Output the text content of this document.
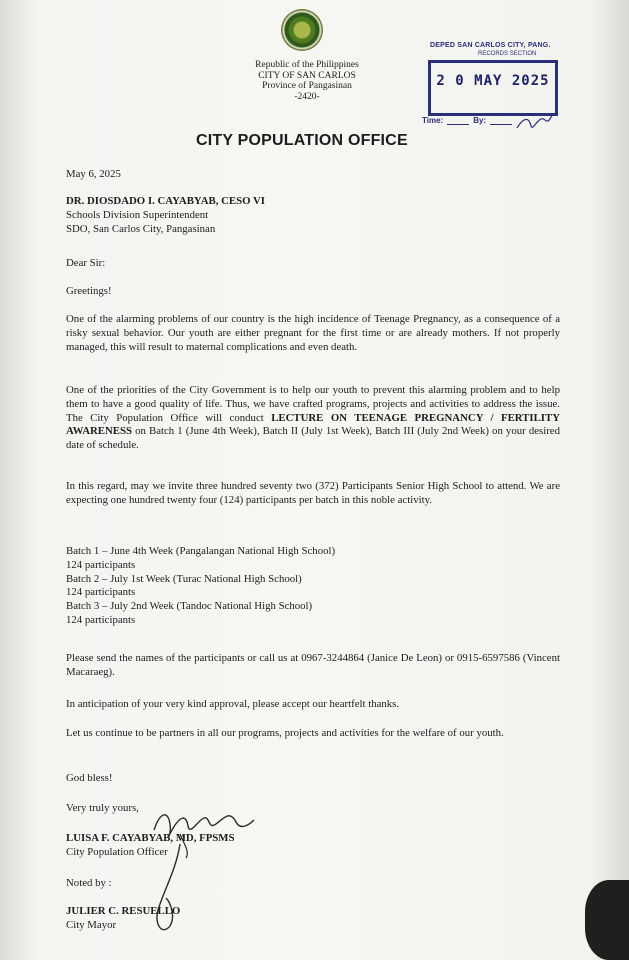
Republic of the Philippines
CITY OF SAN CARLOS
Province of Pangasinan
-2420-
DEPED SAN CARLOS CITY, PANG.
RECORDS SECTION
2 0 MAY 2025
Time:	By:
CITY POPULATION OFFICE

May 6, 2025

DR. DIOSDADO I. CAYABYAB, CESO VI

Schools Division Superintendent

SDO, San Carlos City, Pangasinan

Dear Sir:

Greetings!

One of the alarming problems of our country is the high incidence of Teenage Pregnancy, as a consequence of a risky sexual behavior. Our youth are either pregnant for the first time or are already mothers. If not properly managed, this will result to maternal complications and even death.

One of the priorities of the City Government is to help our youth to prevent this alarming problem and to help them to have a good quality of life. Thus, we have crafted programs, projects and activities to address the issue. The City Population Office will conduct LECTURE ON TEENAGE PREGNANCY / FERTILITY AWARENESS on Batch 1 (June 4th Week), Batch II (July 1st Week), Batch III (July 2nd Week) on your desired date of schedule.

In this regard, may we invite three hundred seventy two (372) Participants Senior High School to attend. We are expecting one hundred twenty four (124) participants per batch in this noble activity.

Batch 1 – June 4th Week (Pangalangan National High School)

124 participants

Batch 2 – July 1st Week (Turac National High School)

124 participants

Batch 3 – July 2nd Week (Tandoc National High School)

124 participants

Please send the names of the participants or call us at 0967-3244864 (Janice De Leon) or 0915-6597586 (Vincent Macaraeg).

In anticipation of your very kind approval, please accept our heartfelt thanks.

Let us continue to be partners in all our programs, projects and activities for the welfare of our youth.

God bless!

Very truly yours,

LUISA F. CAYABYAB, MD, FPSMS

City Population Officer

Noted by :

JULIER C. RESUELLO

City Mayor
